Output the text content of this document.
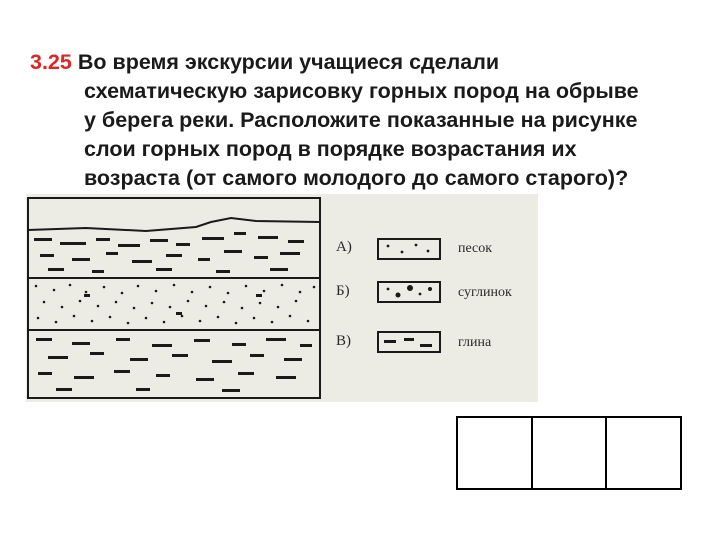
3.25 Во время экскурсии учащиеся сделали
схематическую зарисовку горных пород на обрыве
у берега реки. Расположите показанные на рисунке
слои горных пород в порядке возрастания их
возраста (от самого молодого до самого старого)?
А)	песок
Б)	суглинок
В)	глина
